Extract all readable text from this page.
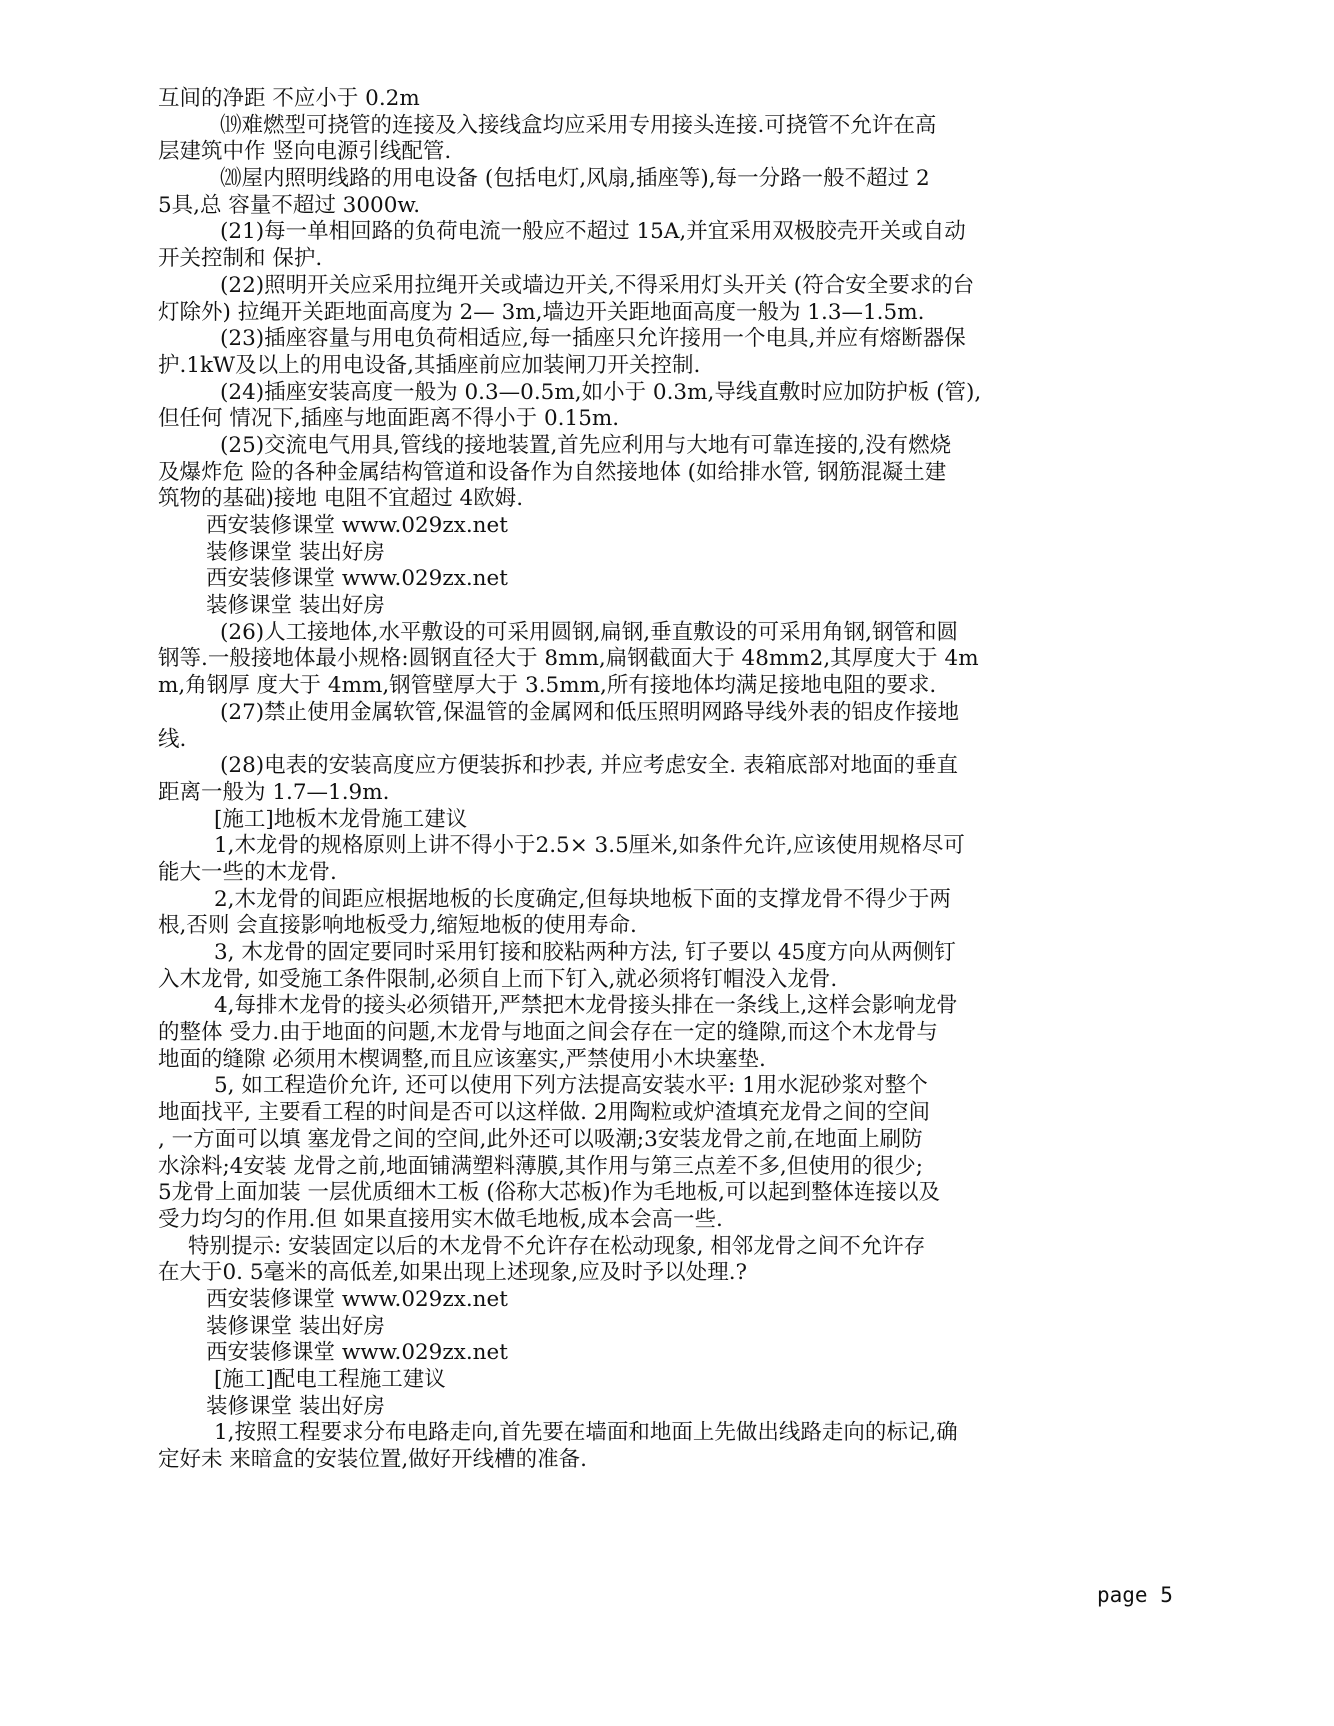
互间的净距 不应小于 0.2m
⒆难燃型可挠管的连接及入接线盒均应采用专用接头连接.可挠管不允许在高
层建筑中作 竖向电源引线配管.
⒇屋内照明线路的用电设备 (包括电灯,风扇,插座等),每一分路一般不超过 2
5具,总 容量不超过 3000w.
(21)每一单相回路的负荷电流一般应不超过 15A,并宜采用双极胶壳开关或自动
开关控制和 保护.
(22)照明开关应采用拉绳开关或墙边开关,不得采用灯头开关 (符合安全要求的台
灯除外) 拉绳开关距地面高度为 2— 3m,墙边开关距地面高度一般为 1.3—1.5m.
(23)插座容量与用电负荷相适应,每一插座只允许接用一个电具,并应有熔断器保
护.1kW及以上的用电设备,其插座前应加装闸刀开关控制.
(24)插座安装高度一般为 0.3—0.5m,如小于 0.3m,导线直敷时应加防护板 (管),
但任何 情况下,插座与地面距离不得小于 0.15m.
(25)交流电气用具,管线的接地装置,首先应利用与大地有可靠连接的,没有燃烧
及爆炸危 险的各种金属结构管道和设备作为自然接地体 (如给排水管, 钢筋混凝土建
筑物的基础)接地 电阻不宜超过 4欧姆.
西安装修课堂 www.029zx.net
装修课堂 装出好房
西安装修课堂 www.029zx.net
装修课堂 装出好房
(26)人工接地体,水平敷设的可采用圆钢,扁钢,垂直敷设的可采用角钢,钢管和圆
钢等.一般接地体最小规格:圆钢直径大于 8mm,扁钢截面大于 48mm2,其厚度大于 4m
m,角钢厚 度大于 4mm,钢管壁厚大于 3.5mm,所有接地体均满足接地电阻的要求.
(27)禁止使用金属软管,保温管的金属网和低压照明网路导线外表的铝皮作接地
线.
(28)电表的安装高度应方便装拆和抄表, 并应考虑安全. 表箱底部对地面的垂直
距离一般为 1.7—1.9m.
[施工]地板木龙骨施工建议
1,木龙骨的规格原则上讲不得小于2.5× 3.5厘米,如条件允许,应该使用规格尽可
能大一些的木龙骨.
2,木龙骨的间距应根据地板的长度确定,但每块地板下面的支撑龙骨不得少于两
根,否则 会直接影响地板受力,缩短地板的使用寿命.
3, 木龙骨的固定要同时采用钉接和胶粘两种方法, 钉子要以 45度方向从两侧钉
入木龙骨, 如受施工条件限制,必须自上而下钉入,就必须将钉帽没入龙骨.
4,每排木龙骨的接头必须错开,严禁把木龙骨接头排在一条线上,这样会影响龙骨
的整体 受力.由于地面的问题,木龙骨与地面之间会存在一定的缝隙,而这个木龙骨与
地面的缝隙 必须用木楔调整,而且应该塞实,严禁使用小木块塞垫.
5, 如工程造价允许, 还可以使用下列方法提高安装水平: 1用水泥砂浆对整个
地面找平, 主要看工程的时间是否可以这样做. 2用陶粒或炉渣填充龙骨之间的空间
, 一方面可以填 塞龙骨之间的空间,此外还可以吸潮;3安装龙骨之前,在地面上刷防
水涂料;4安装 龙骨之前,地面铺满塑料薄膜,其作用与第三点差不多,但使用的很少;
5龙骨上面加装 一层优质细木工板 (俗称大芯板)作为毛地板,可以起到整体连接以及
受力均匀的作用.但 如果直接用实木做毛地板,成本会高一些.
特别提示: 安装固定以后的木龙骨不允许存在松动现象, 相邻龙骨之间不允许存
在大于0. 5毫米的高低差,如果出现上述现象,应及时予以处理.?
西安装修课堂 www.029zx.net
装修课堂 装出好房
西安装修课堂 www.029zx.net
[施工]配电工程施工建议
装修课堂 装出好房
1,按照工程要求分布电路走向,首先要在墙面和地面上先做出线路走向的标记,确
定好未 来暗盒的安装位置,做好开线槽的准备.
page 5
